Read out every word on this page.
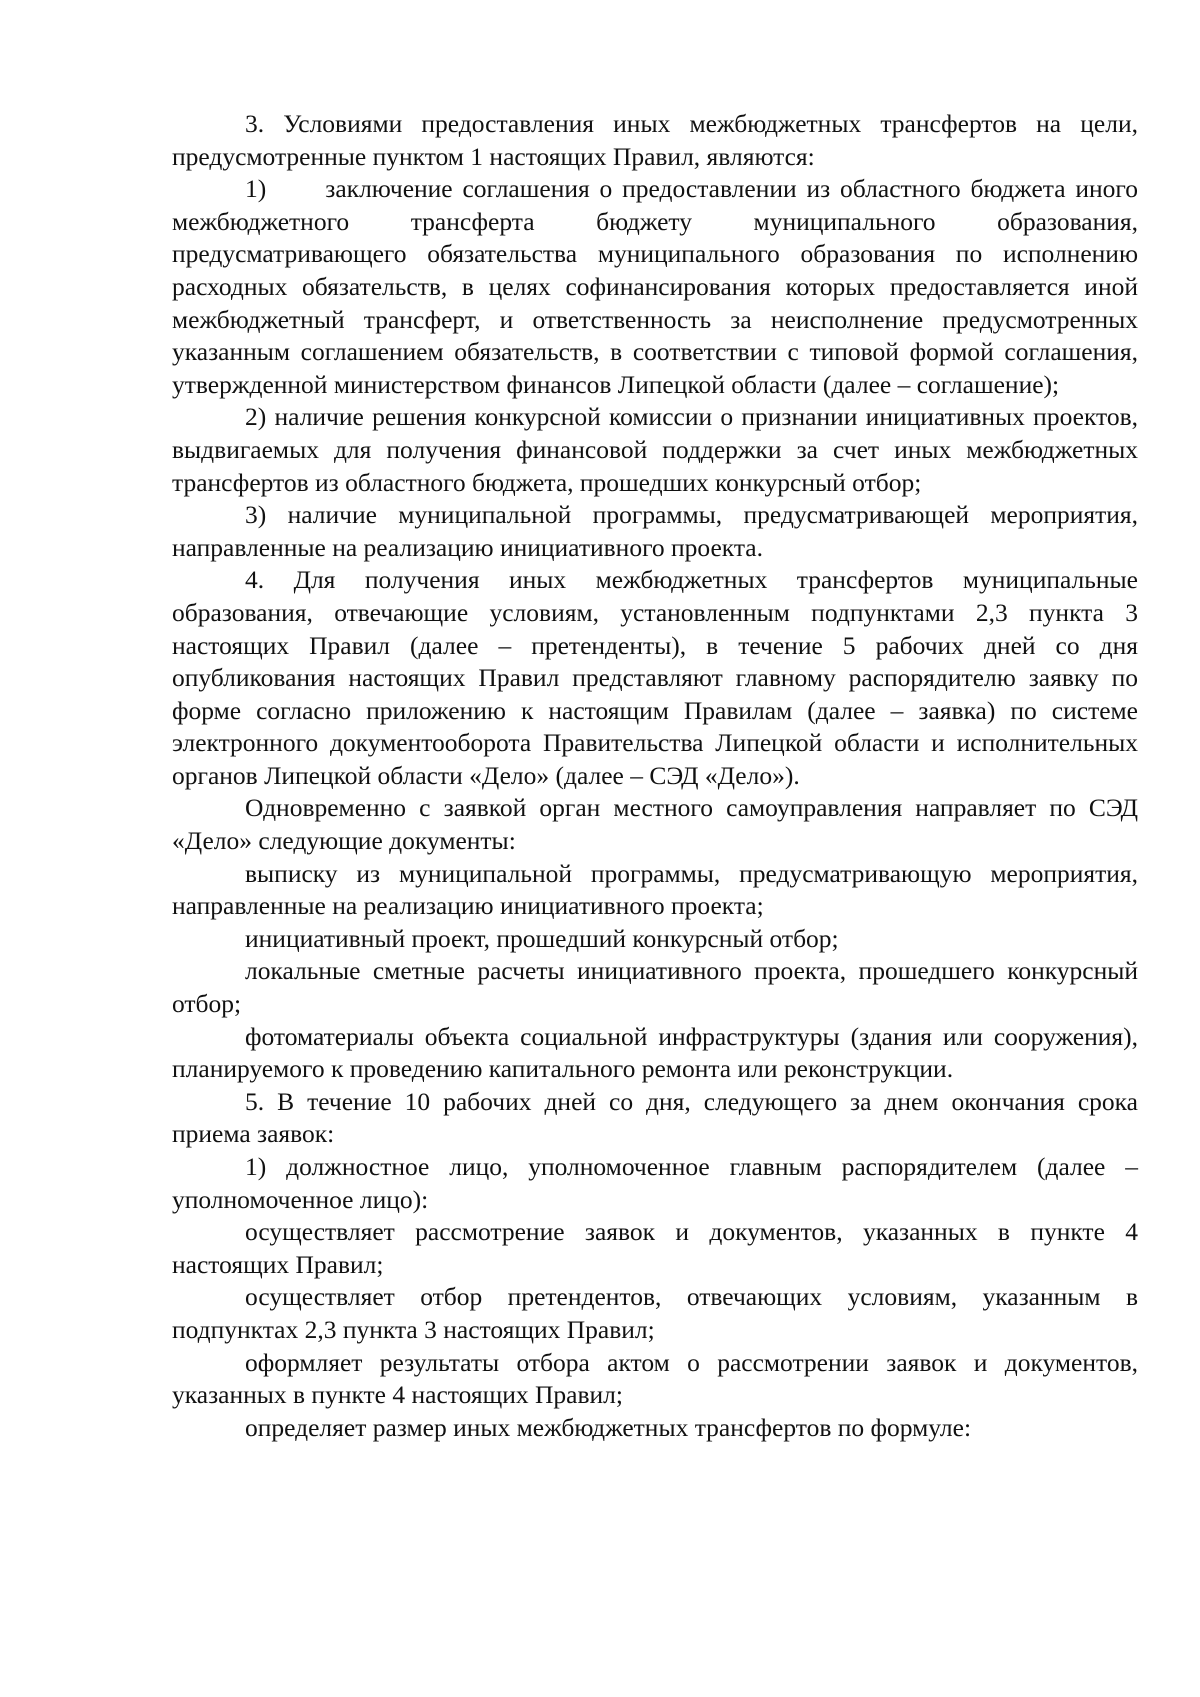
3. Условиями предоставления иных межбюджетных трансфертов на цели, предусмотренные пунктом 1 настоящих Правил, являются:

1)      заключение соглашения о предоставлении из областного бюджета иного межбюджетного трансферта бюджету муниципального образования, предусматривающего обязательства муниципального образования по исполнению расходных обязательств, в целях софинансирования которых предоставляется иной межбюджетный трансферт, и ответственность за неисполнение предусмотренных указанным соглашением обязательств, в соответствии с типовой формой соглашения, утвержденной министерством финансов Липецкой области (далее – соглашение);

2) наличие решения конкурсной комиссии о признании инициативных проектов, выдвигаемых для получения финансовой поддержки за счет иных межбюджетных трансфертов из областного бюджета, прошедших конкурсный отбор;

3) наличие муниципальной программы, предусматривающей мероприятия, направленные на реализацию инициативного проекта.

4. Для получения иных межбюджетных трансфертов муниципальные образования, отвечающие условиям, установленным подпунктами 2,3 пункта 3 настоящих Правил (далее – претенденты), в течение 5 рабочих дней со дня опубликования настоящих Правил представляют главному распорядителю заявку по форме согласно приложению к настоящим Правилам (далее – заявка) по системе электронного документооборота Правительства Липецкой области и исполнительных органов Липецкой области «Дело» (далее – СЭД «Дело»).

Одновременно с заявкой орган местного самоуправления направляет по СЭД «Дело» следующие документы:

выписку из муниципальной программы, предусматривающую мероприятия, направленные на реализацию инициативного проекта;

инициативный проект, прошедший конкурсный отбор;

локальные сметные расчеты инициативного проекта, прошедшего конкурсный отбор;

фотоматериалы объекта социальной инфраструктуры (здания или сооружения), планируемого к проведению капитального ремонта или реконструкции.

5. В течение 10 рабочих дней со дня, следующего за днем окончания срока приема заявок:

1) должностное лицо, уполномоченное главным распорядителем (далее – уполномоченное лицо):

осуществляет рассмотрение заявок и документов, указанных в пункте 4 настоящих Правил;

осуществляет отбор претендентов, отвечающих условиям, указанным в подпунктах 2,3 пункта 3 настоящих Правил;

оформляет результаты отбора актом о рассмотрении заявок и документов, указанных в пункте 4 настоящих Правил;

определяет размер иных межбюджетных трансфертов по формуле:
